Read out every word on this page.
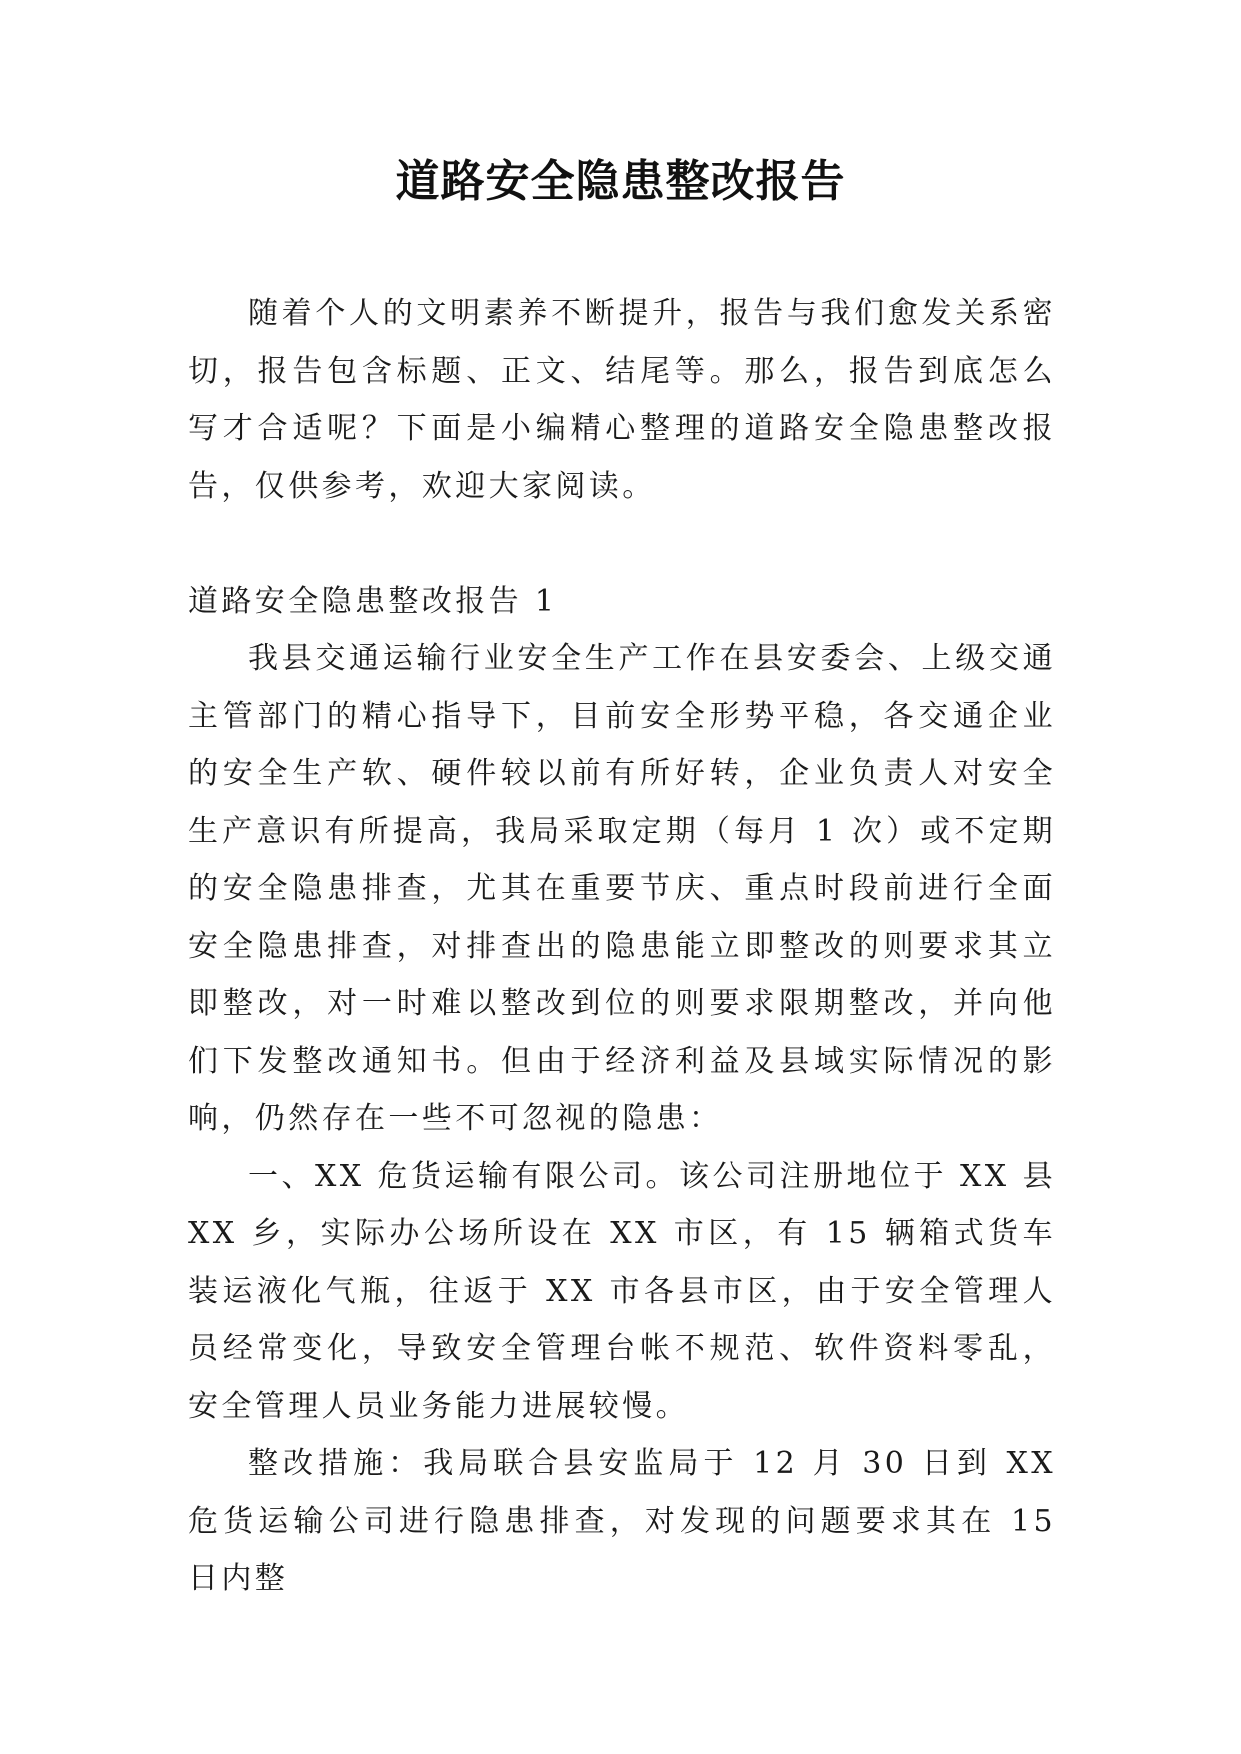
道路安全隐患整改报告

随着个人的文明素养不断提升，报告与我们愈发关系密切，报告包含标题、正文、结尾等。那么，报告到底怎么写才合适呢？下面是小编精心整理的道路安全隐患整改报告，仅供参考，欢迎大家阅读。

道路安全隐患整改报告 1

我县交通运输行业安全生产工作在县安委会、上级交通主管部门的精心指导下，目前安全形势平稳，各交通企业的安全生产软、硬件较以前有所好转，企业负责人对安全生产意识有所提高，我局采取定期（每月 1 次）或不定期的安全隐患排查，尤其在重要节庆、重点时段前进行全面安全隐患排查，对排查出的隐患能立即整改的则要求其立即整改，对一时难以整改到位的则要求限期整改，并向他们下发整改通知书。但由于经济利益及县域实际情况的影响，仍然存在一些不可忽视的隐患：

一、XX 危货运输有限公司。该公司注册地位于 XX 县 XX 乡，实际办公场所设在 XX 市区，有 15 辆箱式货车装运液化气瓶，往返于 XX 市各县市区，由于安全管理人员经常变化，导致安全管理台帐不规范、软件资料零乱，安全管理人员业务能力进展较慢。

整改措施：我局联合县安监局于 12 月 30 日到 XX 危货运输公司进行隐患排查，对发现的问题要求其在 15 日内整
